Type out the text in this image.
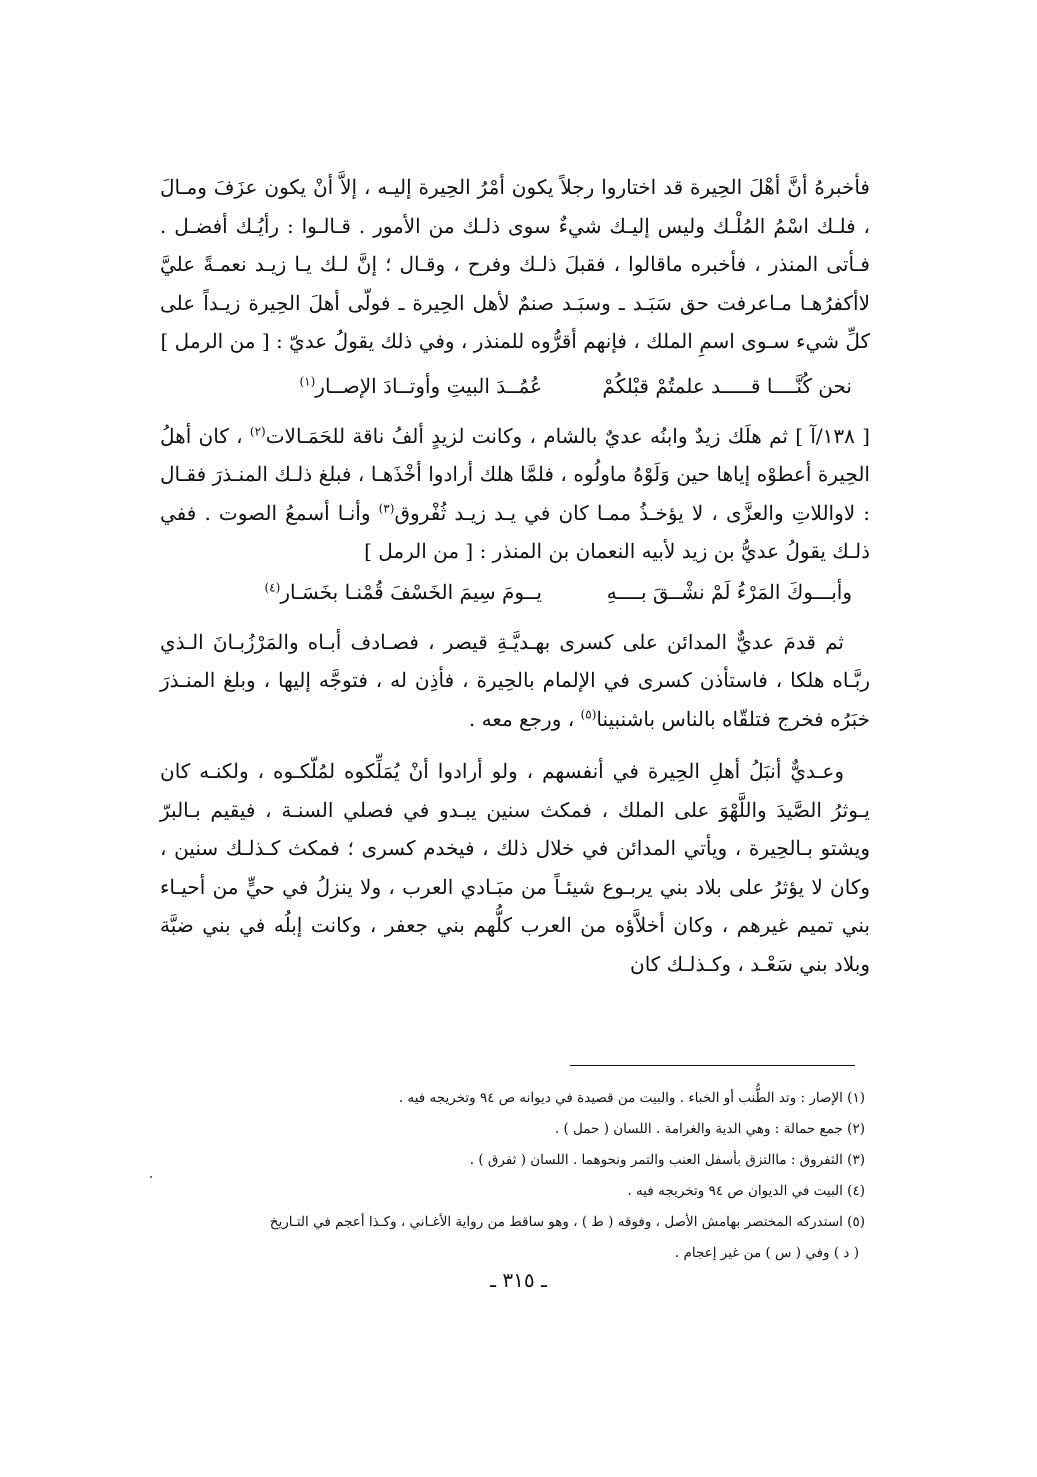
فأخبرهُ أنَّ أهْلَ الحِيرة قد اختاروا رجلاً يكون أمْرُ الحِيرة إليـه ، إلاَّ أنْ يكون عزَفَ ومـالَ ، فلـك اسْمُ المُلْـك وليس إليـك شيءٌ سوى ذلـك من الأمور . قـالـوا : رأيُـك أفضـل . فـأتى المنذر ، فأخبره ماقالوا ، فقبلَ ذلـك وفرح ، وقـال ؛ إنَّ لـك يـا زيـد نعمـةً عليَّ لاأكفرُهـا مـاعرفت حق سَبَـد ـ وسبَـد صنمٌ لأهل الحِيرة ـ فولّى أهلَ الحِيرة زيـداً على كلِّ شيء سـوى اسمِ الملك ، فإنهم أقرُّوه للمنذر ، وفي ذلك يقولُ عديّ : [ من الرمل ]

نحن كُنَّــــا قـــــد علمتُمْ قبْلكُمْ
عُمُــدَ البيتِ وأوتــادَ الإصــار$^{(١)}$

[ ١٣٨/آ ] ثم هلَك زيدٌ وابنُه عديٌ بالشام ، وكانت لزيدٍ ألفُ ناقة للحَمَـالات$^{(٢)}$ ، كان أهلُ الحِيرة أعطوْه إياها حين وَلَوْهُ ماولُوه ، فلمَّا هلك أرادوا أخْذَهـا ، فبلغ ذلـك المنـذرَ فقـال : لاواللاتِ والعزَّى ، لا يؤخـذُ ممـا كان في يـد زيـد ثُفْروق$^{(٣)}$ وأنـا أسمعُ الصوت . ففي ذلـك يقولُ عديُّ بن زيد لأبيه النعمان بن المنذر : [ من الرمل ]

وأبـــوكَ المَرْءُ لَمْ نشْــقَ بــــهِ
يــومَ سِيمَ الخَسْفَ قُمْنـا بخَسَـار$^{(٤)}$

ثم قدمَ عديٌّ المدائن على كسرى بهـديَّـةِ قيصر ، فصـادف أبـاه والمَرْزُبـانَ الـذي ربَّـاه هلكا ، فاستأذن كسرى في الإلمام بالحِيرة ، فأذِن له ، فتوجَّه إليها ، وبلغ المنـذرَ خبَرُه فخرج فتلقّاه بالناس باشنبينا$^{(٥)}$ ، ورجع معه .

وعـديٌّ أنبَلُ أهلِ الحِيرة في أنفسهم ، ولو أرادوا أنْ يُمَلِّكوه لمُلّكـوه ، ولكنـه كان يـوثرُ الصَّيدَ واللَّهْوَ على الملك ، فمكث سنين يبـدو في فصلي السنـة ، فيقيم بـالبرّ ويشتو بـالحِيرة ، ويأتي المدائن في خلال ذلك ، فيخدم كسرى ؛ فمكث كـذلـك سنين ، وكان لا يؤثرُ على بلاد بني يربـوع شيئـاً من مبَـادي العرب ، ولا ينزلُ في حيٍّ من أحيـاء بني تميم غيرهم ، وكان أخلاَّؤه من العرب كلُّهم بني جعفر ، وكانت إبلُه في بني ضبَّة وبلاد بني سَعْـد ، وكـذلـك كان

(١) الإصار : وتد الطُّنب أو الخباء . والبيت من قصيدة في ديوانه ص ٩٤ وتخريجه فيه .
(٢) جمع حمالة : وهي الدية والغرامة . اللسان ( حمل ) .
(٣) الثفروق : ماالتزق بأسفل العنب والتمر ونحوهما . اللسان ( ثفرق ) .
(٤) البيت في الديوان ص ٩٤ وتخريجه فيه .
(٥) استدركه المختصر بهامش الأصل ، وفوقه ( ط ) ، وهو ساقط من رواية الأغـاني ، وكـذا أعجم في التـاريخ
( د ) وفي ( س ) من غير إعجام .
ـ ٣١٥ ـ
